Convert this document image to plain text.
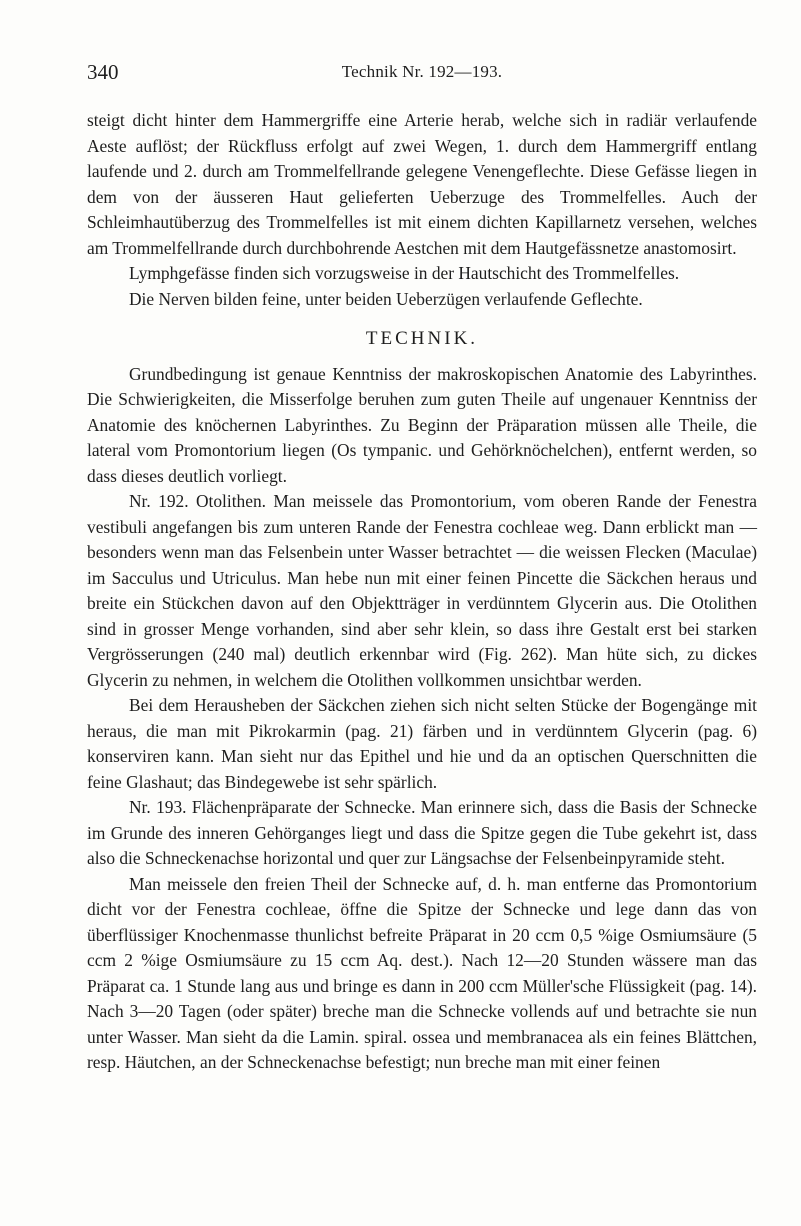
340	Technik Nr. 192—193.

steigt dicht hinter dem Hammergriffe eine Arterie herab, welche sich in radiär verlaufende Aeste auflöst; der Rückfluss erfolgt auf zwei Wegen, 1. durch dem Hammergriff entlang laufende und 2. durch am Trommelfellrande gelegene Venengeflechte. Diese Gefässe liegen in dem von der äusseren Haut gelieferten Ueberzuge des Trommelfelles. Auch der Schleimhautüberzug des Trommelfelles ist mit einem dichten Kapillarnetz versehen, welches am Trommelfellrande durch durchbohrende Aestchen mit dem Hautgefässnetze anastomosirt.

Lymphgefässe finden sich vorzugsweise in der Hautschicht des Trommelfelles.

Die Nerven bilden feine, unter beiden Ueberzügen verlaufende Geflechte.

TECHNIK.

Grundbedingung ist genaue Kenntniss der makroskopischen Anatomie des Labyrinthes. Die Schwierigkeiten, die Misserfolge beruhen zum guten Theile auf ungenauer Kenntniss der Anatomie des knöchernen Labyrinthes. Zu Beginn der Präparation müssen alle Theile, die lateral vom Promontorium liegen (Os tympanic. und Gehörknöchelchen), entfernt werden, so dass dieses deutlich vorliegt.

Nr. 192. Otolithen. Man meissele das Promontorium, vom oberen Rande der Fenestra vestibuli angefangen bis zum unteren Rande der Fenestra cochleae weg. Dann erblickt man — besonders wenn man das Felsenbein unter Wasser betrachtet — die weissen Flecken (Maculae) im Sacculus und Utriculus. Man hebe nun mit einer feinen Pincette die Säckchen heraus und breite ein Stückchen davon auf den Objektträger in verdünntem Glycerin aus. Die Otolithen sind in grosser Menge vorhanden, sind aber sehr klein, so dass ihre Gestalt erst bei starken Vergrösserungen (240 mal) deutlich erkennbar wird (Fig. 262). Man hüte sich, zu dickes Glycerin zu nehmen, in welchem die Otolithen vollkommen unsichtbar werden.

Bei dem Herausheben der Säckchen ziehen sich nicht selten Stücke der Bogengänge mit heraus, die man mit Pikrokarmin (pag. 21) färben und in verdünntem Glycerin (pag. 6) konserviren kann. Man sieht nur das Epithel und hie und da an optischen Querschnitten die feine Glashaut; das Bindegewebe ist sehr spärlich.

Nr. 193. Flächenpräparate der Schnecke. Man erinnere sich, dass die Basis der Schnecke im Grunde des inneren Gehörganges liegt und dass die Spitze gegen die Tube gekehrt ist, dass also die Schneckenachse horizontal und quer zur Längsachse der Felsenbeinpyramide steht.

Man meissele den freien Theil der Schnecke auf, d. h. man entferne das Promontorium dicht vor der Fenestra cochleae, öffne die Spitze der Schnecke und lege dann das von überflüssiger Knochenmasse thunlichst befreite Präparat in 20 ccm 0,5 %ige Osmiumsäure (5 ccm 2 %ige Osmiumsäure zu 15 ccm Aq. dest.). Nach 12—20 Stunden wässere man das Präparat ca. 1 Stunde lang aus und bringe es dann in 200 ccm Müller'sche Flüssigkeit (pag. 14). Nach 3—20 Tagen (oder später) breche man die Schnecke vollends auf und betrachte sie nun unter Wasser. Man sieht da die Lamin. spiral. ossea und membranacea als ein feines Blättchen, resp. Häutchen, an der Schneckenachse befestigt; nun breche man mit einer feinen
